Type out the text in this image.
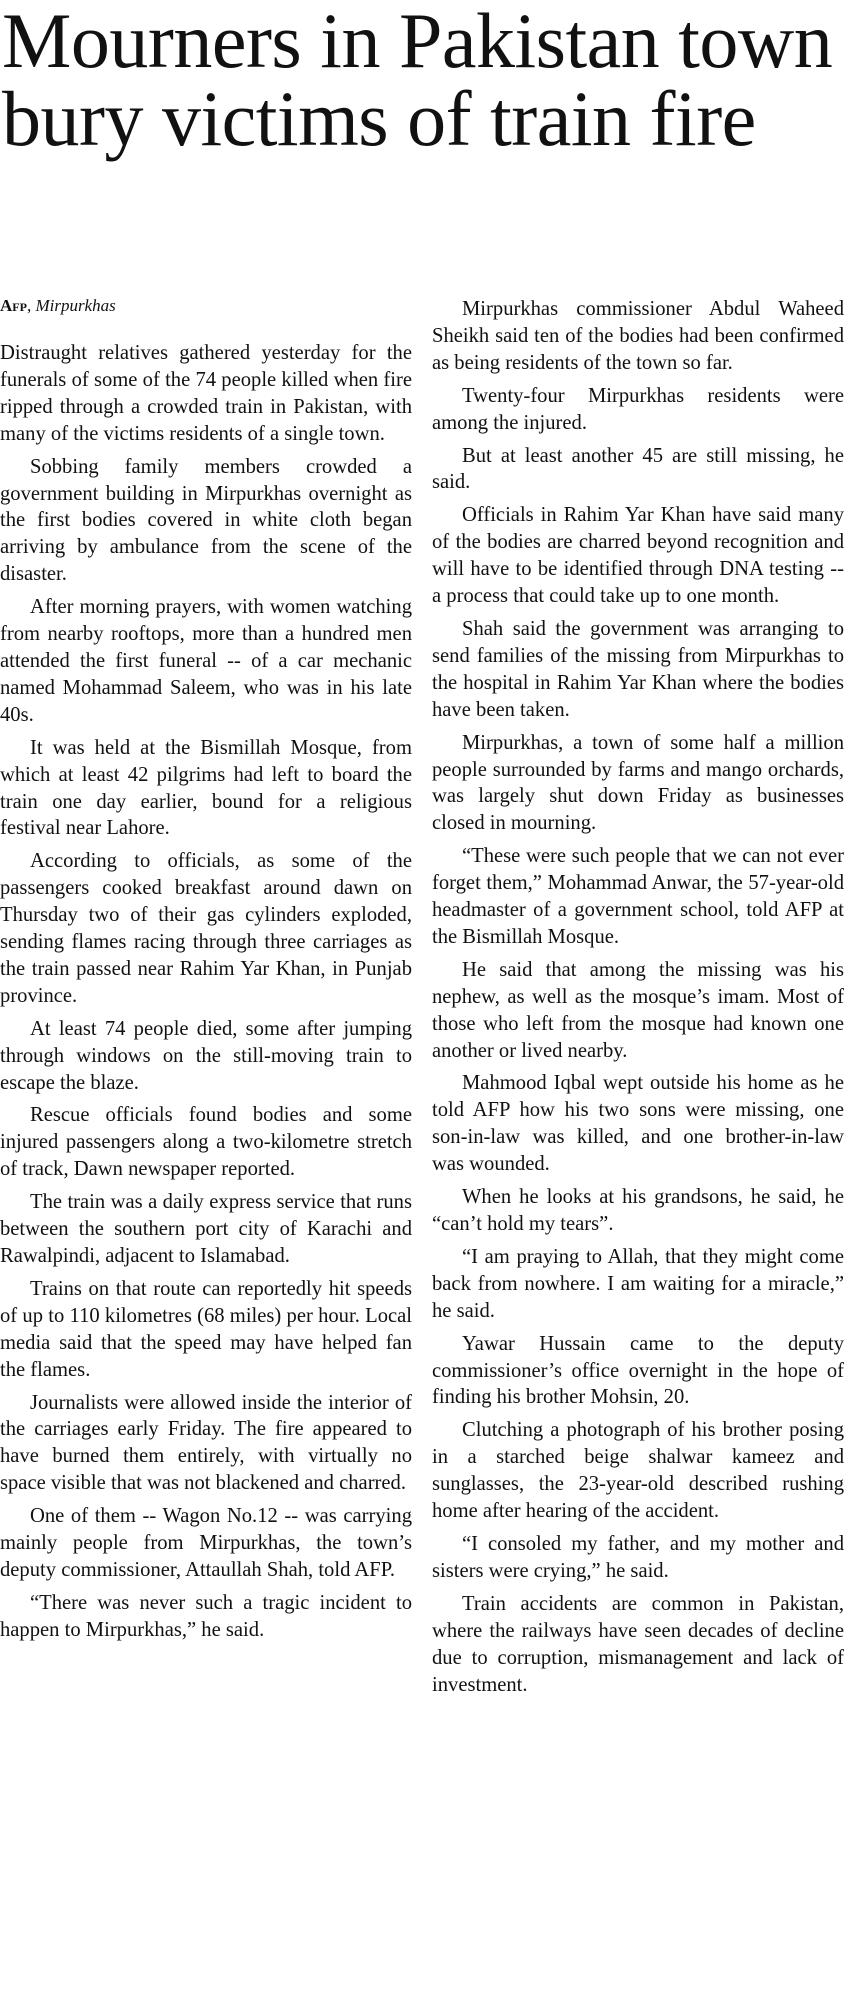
Mourners in Pakistan town bury victims of train fire
Afp, Mirpurkhas

Distraught relatives gathered yesterday for the funerals of some of the 74 people killed when fire ripped through a crowded train in Pakistan, with many of the victims residents of a single town.

Sobbing family members crowded a government building in Mirpurkhas overnight as the first bodies covered in white cloth began arriving by ambulance from the scene of the disaster.

After morning prayers, with women watching from nearby rooftops, more than a hundred men attended the first funeral -- of a car mechanic named Mohammad Saleem, who was in his late 40s.

It was held at the Bismillah Mosque, from which at least 42 pilgrims had left to board the train one day earlier, bound for a religious festival near Lahore.

According to officials, as some of the passengers cooked breakfast around dawn on Thursday two of their gas cylinders exploded, sending flames racing through three carriages as the train passed near Rahim Yar Khan, in Punjab province.

At least 74 people died, some after jumping through windows on the still-moving train to escape the blaze.

Rescue officials found bodies and some injured passengers along a two-kilometre stretch of track, Dawn newspaper reported.

The train was a daily express service that runs between the southern port city of Karachi and Rawalpindi, adjacent to Islamabad.

Trains on that route can reportedly hit speeds of up to 110 kilometres (68 miles) per hour. Local media said that the speed may have helped fan the flames.

Journalists were allowed inside the interior of the carriages early Friday. The fire appeared to have burned them entirely, with virtually no space visible that was not blackened and charred.

One of them -- Wagon No.12 -- was carrying mainly people from Mirpurkhas, the town’s deputy commissioner, Attaullah Shah, told AFP.

“There was never such a tragic incident to happen to Mirpurkhas,” he said.

Mirpurkhas commissioner Abdul Waheed Sheikh said ten of the bodies had been confirmed as being residents of the town so far.

Twenty-four Mirpurkhas residents were among the injured.

But at least another 45 are still missing, he said.

Officials in Rahim Yar Khan have said many of the bodies are charred beyond recognition and will have to be identified through DNA testing -- a process that could take up to one month.

Shah said the government was arranging to send families of the missing from Mirpurkhas to the hospital in Rahim Yar Khan where the bodies have been taken.

Mirpurkhas, a town of some half a million people surrounded by farms and mango orchards, was largely shut down Friday as businesses closed in mourning.

“These were such people that we can not ever forget them,” Mohammad Anwar, the 57-year-old headmaster of a government school, told AFP at the Bismillah Mosque.

He said that among the missing was his nephew, as well as the mosque’s imam. Most of those who left from the mosque had known one another or lived nearby.

Mahmood Iqbal wept outside his home as he told AFP how his two sons were missing, one son-in-law was killed, and one brother-in-law was wounded.

When he looks at his grandsons, he said, he “can’t hold my tears”.

“I am praying to Allah, that they might come back from nowhere. I am waiting for a miracle,” he said.

Yawar Hussain came to the deputy commissioner’s office overnight in the hope of finding his brother Mohsin, 20.

Clutching a photograph of his brother posing in a starched beige shalwar kameez and sunglasses, the 23-year-old described rushing home after hearing of the accident.

“I consoled my father, and my mother and sisters were crying,” he said.

Train accidents are common in Pakistan, where the railways have seen decades of decline due to corruption, mismanagement and lack of investment.
